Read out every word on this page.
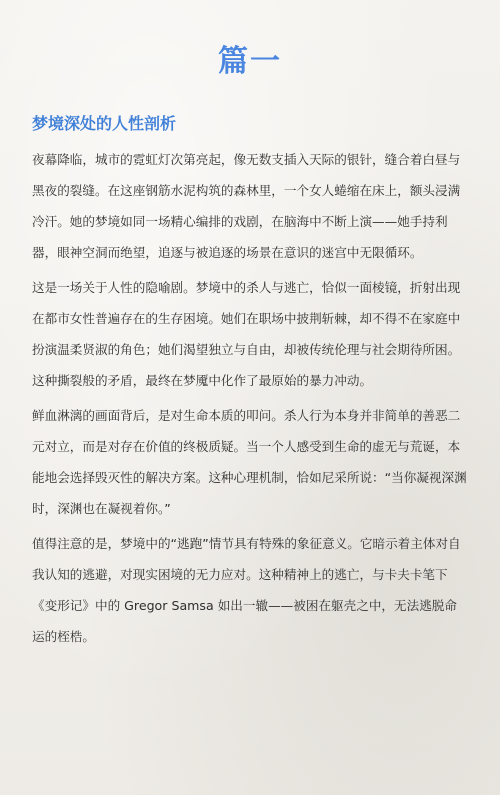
篇一
梦境深处的人性剖析

夜幕降临，城市的霓虹灯次第亮起，像无数支插入天际的银针，缝合着白昼与黑夜的裂缝。在这座钢筋水泥构筑的森林里，一个女人蜷缩在床上，额头浸满冷汗。她的梦境如同一场精心编排的戏剧，在脑海中不断上演——她手持利器，眼神空洞而绝望，追逐与被追逐的场景在意识的迷宫中无限循环。

这是一场关于人性的隐喻剧。梦境中的杀人与逃亡，恰似一面棱镜，折射出现在都市女性普遍存在的生存困境。她们在职场中披荆斩棘，却不得不在家庭中扮演温柔贤淑的角色；她们渴望独立与自由，却被传统伦理与社会期待所困。这种撕裂般的矛盾，最终在梦魇中化作了最原始的暴力冲动。

鲜血淋漓的画面背后，是对生命本质的叩问。杀人行为本身并非简单的善恶二元对立，而是对存在价值的终极质疑。当一个人感受到生命的虚无与荒诞，本能地会选择毁灭性的解决方案。这种心理机制，恰如尼采所说：“当你凝视深渊时，深渊也在凝视着你。”

值得注意的是，梦境中的“逃跑”情节具有特殊的象征意义。它暗示着主体对自我认知的逃避，对现实困境的无力应对。这种精神上的逃亡，与卡夫卡笔下《变形记》中的 Gregor Samsa 如出一辙——被困在躯壳之中，无法逃脱命运的桎梏。
